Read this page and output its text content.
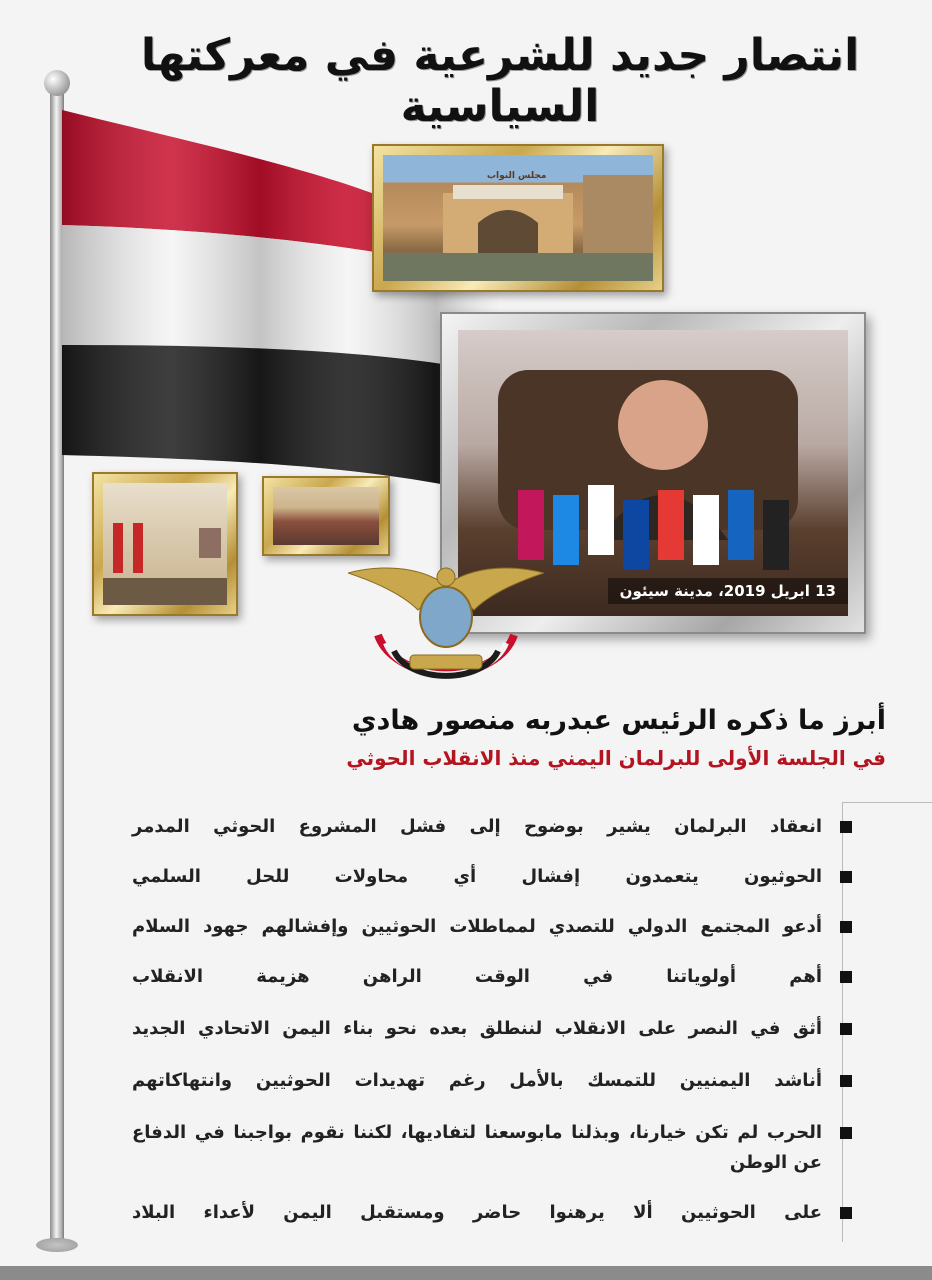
انتصار جديد للشرعية في معركتها السياسية
مجلس النواب
13 ابريل 2019، مدينة سيئون
أبرز ما ذكره الرئيس عبدربه منصور هادي
في الجلسة الأولى للبرلمان اليمني منذ الانقلاب الحوثي
انعقاد البرلمان يشير بوضوح إلى فشل المشروع الحوثي المدمر
الحوثيون يتعمدون إفشال أي محاولات للحل السلمي
أدعو المجتمع الدولي للتصدي لمماطلات الحوثيين وإفشالهم جهود السلام
أهم أولوياتنا في الوقت الراهن هزيمة الانقلاب
أثق في النصر على الانقلاب لننطلق بعده نحو بناء اليمن الاتحادي الجديد
أناشد اليمنيين للتمسك بالأمل رغم تهديدات الحوثيين وانتهاكاتهم
الحرب لم تكن خيارنا، وبذلنا مابوسعنا لتفاديها، لكننا نقوم بواجبنا في الدفاع عن الوطن
على الحوثيين ألا يرهنوا حاضر ومستقبل اليمن لأعداء البلاد
